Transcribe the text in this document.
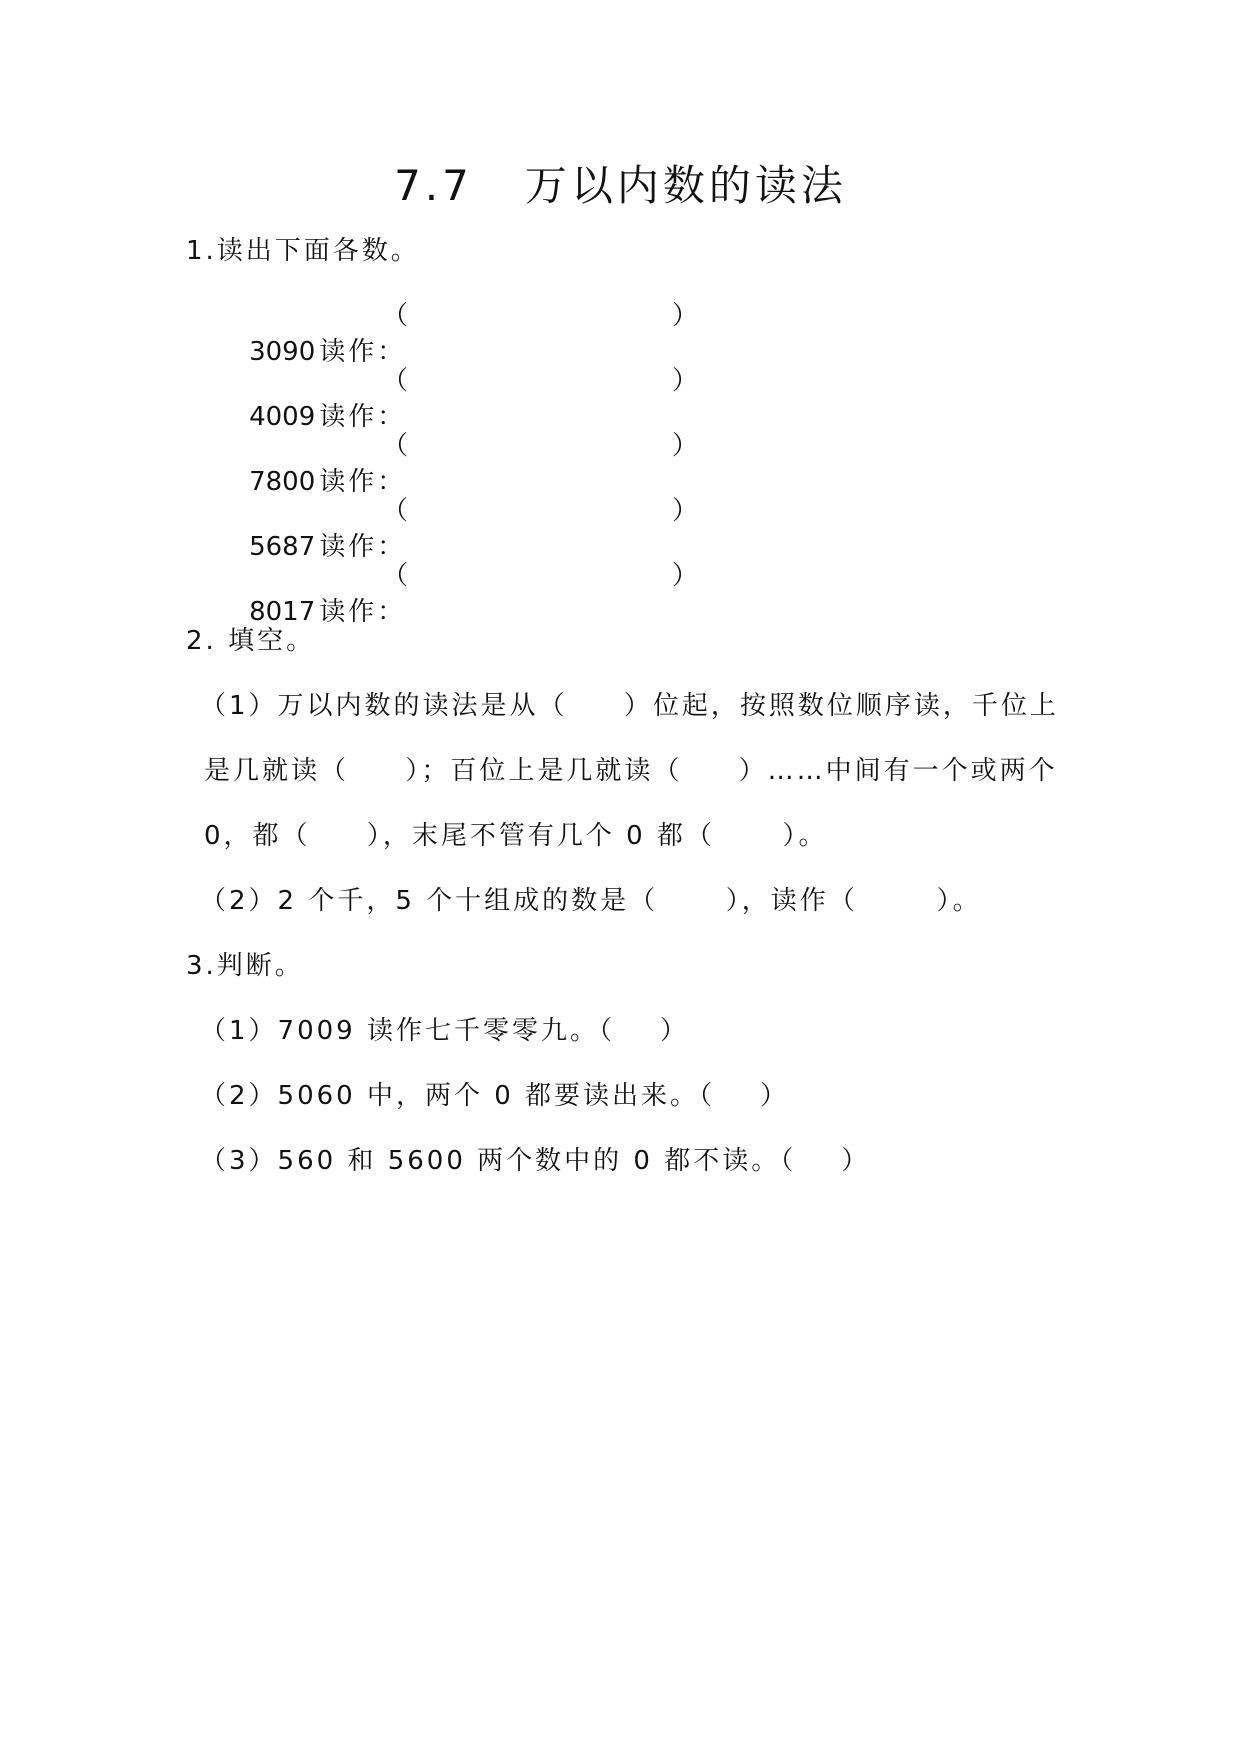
7.7   万以内数的读法
1.读出下面各数。

3090 读作：

（

	）

4009 读作：

（

	）

7800 读作：

（

	）

5687 读作：

（

	）

8017 读作：

（

	）

2. 填空。
（1）万以内数的读法是从（     ）位起，按照数位顺序读，千位上
是几就读（     ）；百位上是几就读（     ）……中间有一个或两个
0，都（     ），末尾不管有几个 0 都（      ）。
（2）2 个千，5 个十组成的数是（      ），读作（       ）。
3.判断。
（1）7009 读作七千零零九。（    ）
（2）5060 中，两个 0 都要读出来。（    ）
（3）560 和 5600 两个数中的 0 都不读。（    ）
